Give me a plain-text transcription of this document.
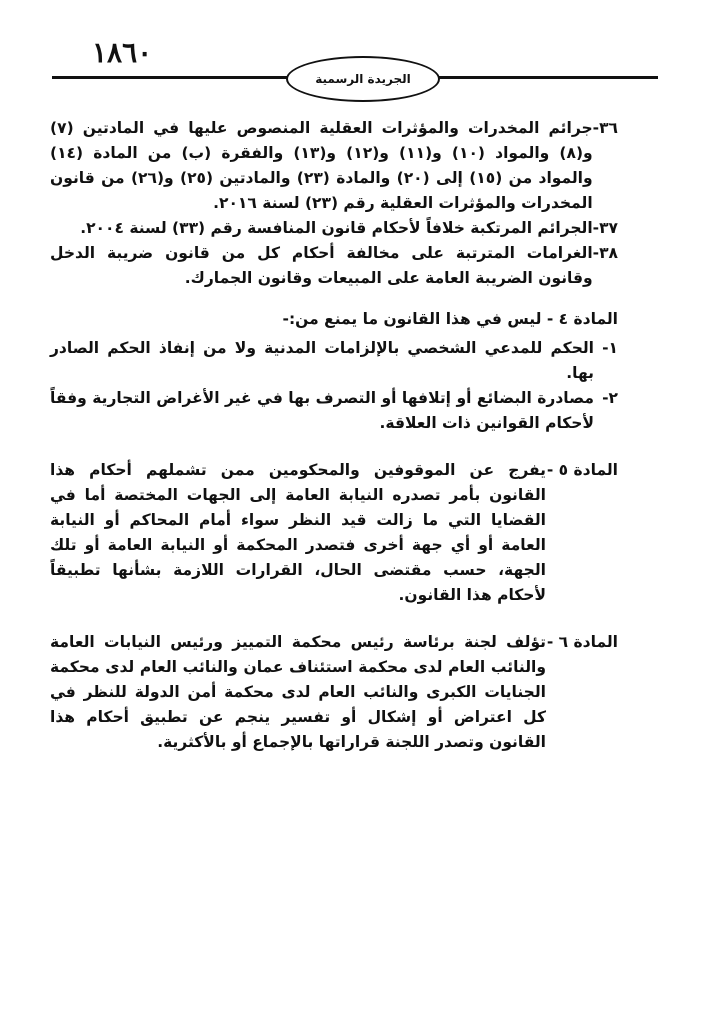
١٨٦٠
الجريدة الرسمية
٣٦-
جرائم المخدرات والمؤثرات العقلية المنصوص عليها في المادتين (٧) و(٨) والمواد (١٠) و(١١) و(١٢) و(١٣) والفقرة (ب) من المادة (١٤) والمواد من (١٥) إلى (٢٠) والمادة (٢٣) والمادتين (٢٥) و(٢٦) من قانون المخدرات والمؤثرات العقلية رقم (٢٣) لسنة ٢٠١٦.
٣٧-
الجرائم المرتكبة خلافاً لأحكام قانون المنافسة رقم (٣٣) لسنة ٢٠٠٤.
٣٨-
الغرامات المترتبة على مخالفة أحكام كل من قانون ضريبة الدخل وقانون الضريبة العامة على المبيعات وقانون الجمارك.

المادة ٤ - ليس في هذا القانون ما يمنع من:-

١-
الحكم للمدعي الشخصي بالإلزامات المدنية ولا من إنفاذ الحكم الصادر بها.
٢-
مصادرة البضائع أو إتلافها أو التصرف بها في غير الأغراض التجارية وفقاً لأحكام القوانين ذات العلاقة.
المادة ٥ -
يفرج عن الموقوفين والمحكومين ممن تشملهم أحكام هذا القانون بأمر تصدره النيابة العامة إلى الجهات المختصة أما في القضايا التي ما زالت قيد النظر سواء أمام المحاكم أو النيابة العامة أو أي جهة أخرى فتصدر المحكمة أو النيابة العامة أو تلك الجهة، حسب مقتضى الحال، القرارات اللازمة بشأنها تطبيقاً لأحكام هذا القانون.
المادة ٦ -
تؤلف لجنة برئاسة رئيس محكمة التمييز ورئيس النيابات العامة والنائب العام لدى محكمة استئناف عمان والنائب العام لدى محكمة الجنايات الكبرى والنائب العام لدى محكمة أمن الدولة للنظر في كل اعتراض أو إشكال أو تفسير ينجم عن تطبيق أحكام هذا القانون وتصدر اللجنة قراراتها بالإجماع أو بالأكثرية.
